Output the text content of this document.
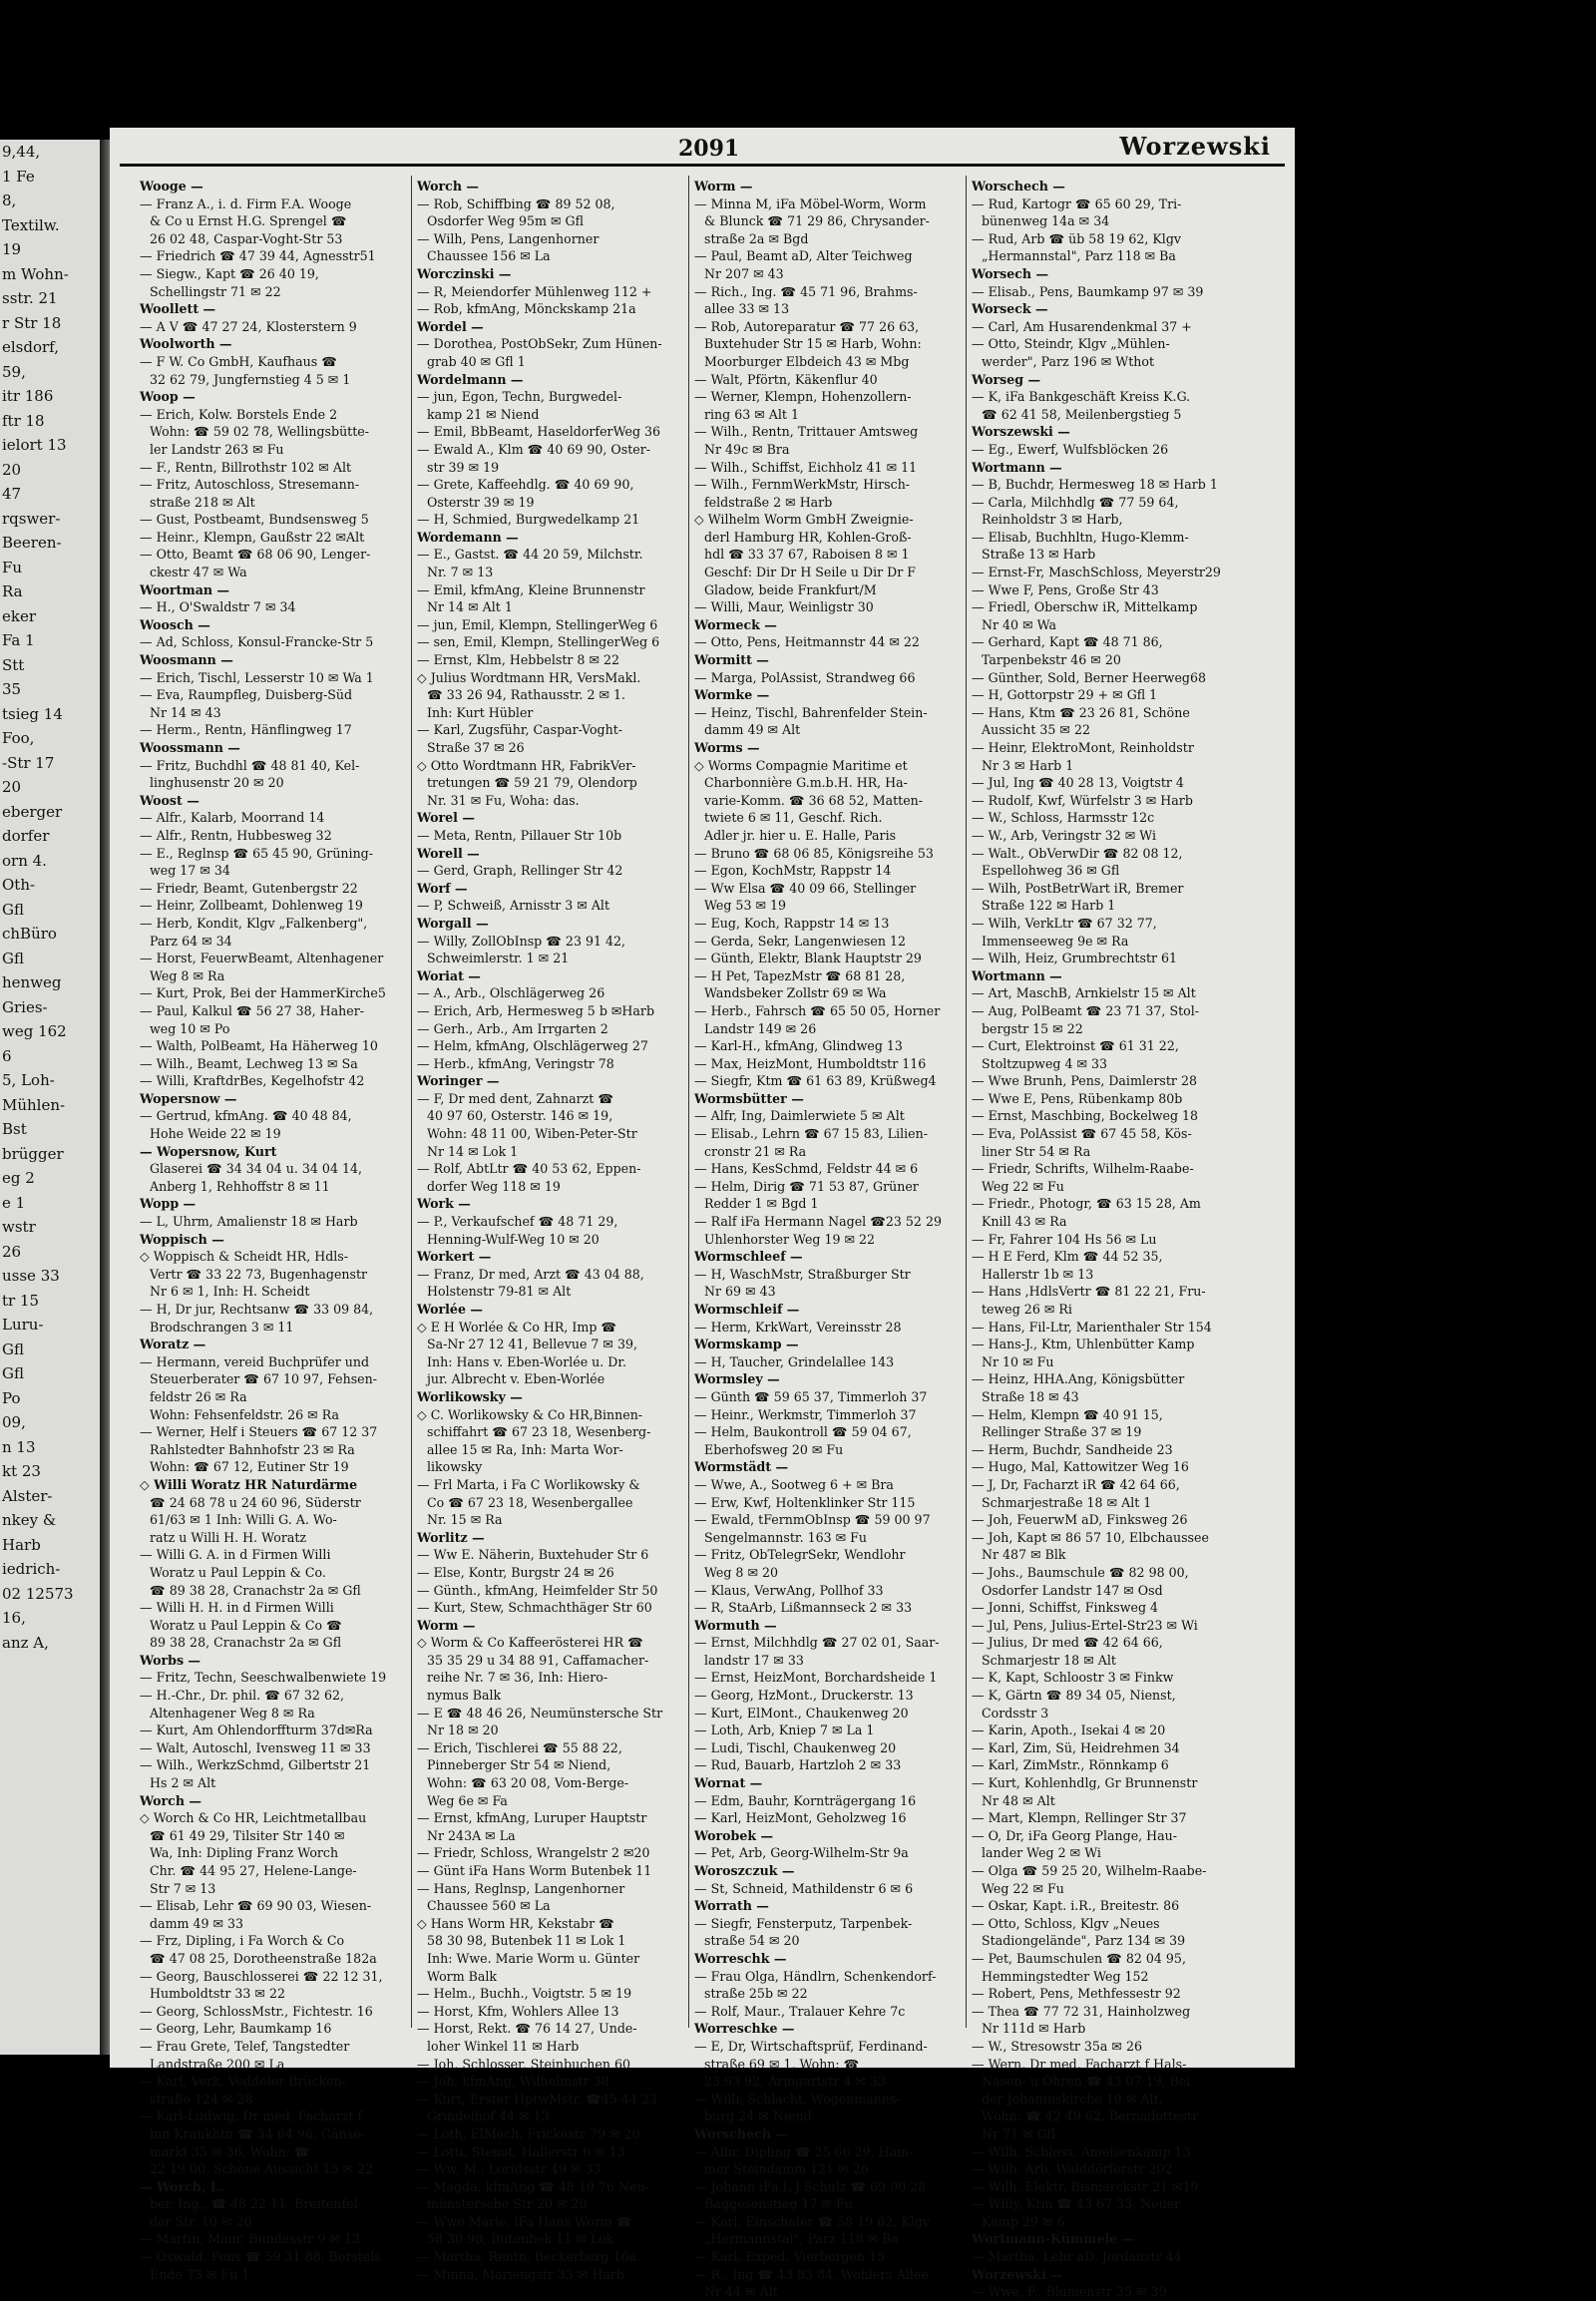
9,44,
1 Fe
8,
Textilw.
19
m Wohn-
sstr. 21
r Str 18
elsdorf,
59,
itr 186
ftr 18
ielort 13
20
47
rqswer-
Beeren-
Fu
Ra
eker
Fa 1
Stt
35
tsieg 14
Foo,
-Str 17
20
eberger
dorfer
orn 4.
Oth-
Gfl
chBüro
Gfl
henweg
Gries-
weg 162
6
5, Loh-
Mühlen-
Bst
brügger
eg 2
e 1
wstr
26
usse 33
tr 15
Luru-
Gfl
Gfl
Po
09,
n 13
kt 23
Alster-
nkey &
Harb
iedrich-
02 12573
16,
anz A,
2091	Worzewski
Wooge —
— Franz A., i. d. Firm F.A. Wooge
& Co u Ernst H.G. Sprengel ☎
26 02 48, Caspar-Voght-Str 53
— Friedrich ☎ 47 39 44, Agnesstr51
— Siegw., Kapt ☎ 26 40 19,
Schellingstr 71 ✉ 22
Woollett —
— A V ☎ 47 27 24, Klosterstern 9
Woolworth —
— F W. Co GmbH, Kaufhaus ☎
32 62 79, Jungfernstieg 4 5 ✉ 1
Woop —
— Erich, Kolw. Borstels Ende 2
Wohn: ☎ 59 02 78, Wellingsbütte-
ler Landstr 263 ✉ Fu
— F., Rentn, Billrothstr 102 ✉ Alt
— Fritz, Autoschloss, Stresemann-
straße 218 ✉ Alt
— Gust, Postbeamt, Bundsensweg 5
— Heinr., Klempn, Gaußstr 22 ✉Alt
— Otto, Beamt ☎ 68 06 90, Lenger-
ckestr 47 ✉ Wa
Woortman —
— H., O'Swaldstr 7 ✉ 34
Woosch —
— Ad, Schloss, Konsul-Francke-Str 5
Woosmann —
— Erich, Tischl, Lesserstr 10 ✉ Wa 1
— Eva, Raumpfleg, Duisberg-Süd
Nr 14 ✉ 43
— Herm., Rentn, Hänflingweg 17
Woossmann —
— Fritz, Buchdhl ☎ 48 81 40, Kel-
linghusenstr 20 ✉ 20
Woost —
— Alfr., Kalarb, Moorrand 14
— Alfr., Rentn, Hubbesweg 32
— E., Reglnsp ☎ 65 45 90, Grüning-
weg 17 ✉ 34
— Friedr, Beamt, Gutenbergstr 22
— Heinr, Zollbeamt, Dohlenweg 19
— Herb, Kondit, Klgv „Falkenberg",
Parz 64 ✉ 34
— Horst, FeuerwBeamt, Altenhagener
Weg 8 ✉ Ra
— Kurt, Prok, Bei der HammerKirche5
— Paul, Kalkul ☎ 56 27 38, Haher-
weg 10 ✉ Po
— Walth, PolBeamt, Ha Häherweg 10
— Wilh., Beamt, Lechweg 13 ✉ Sa
— Willi, KraftdrBes, Kegelhofstr 42
Wopersnow —
— Gertrud, kfmAng. ☎ 40 48 84,
Hohe Weide 22 ✉ 19
— Wopersnow, Kurt
Glaserei ☎ 34 34 04 u. 34 04 14,
Anberg 1, Rehhoffstr 8 ✉ 11
Wopp —
— L, Uhrm, Amalienstr 18 ✉ Harb
Woppisch —
◇ Woppisch & Scheidt HR, Hdls-
Vertr ☎ 33 22 73, Bugenhagenstr
Nr 6 ✉ 1, Inh: H. Scheidt
— H, Dr jur, Rechtsanw ☎ 33 09 84,
Brodschrangen 3 ✉ 11
Woratz —
— Hermann, vereid Buchprüfer und
Steuerberater ☎ 67 10 97, Fehsen-
feldstr 26 ✉ Ra
Wohn: Fehsenfeldstr. 26 ✉ Ra
— Werner, Helf i Steuers ☎ 67 12 37
Rahlstedter Bahnhofstr 23 ✉ Ra
Wohn: ☎ 67 12, Eutiner Str 19
◇ Willi Woratz HR Naturdärme
☎ 24 68 78 u 24 60 96, Süderstr
61/63 ✉ 1 Inh: Willi G. A. Wo-
ratz u Willi H. H. Woratz
— Willi G. A. in d Firmen Willi
Woratz u Paul Leppin & Co.
☎ 89 38 28, Cranachstr 2a ✉ Gfl
— Willi H. H. in d Firmen Willi
Woratz u Paul Leppin & Co ☎
89 38 28, Cranachstr 2a ✉ Gfl
Worbs —
— Fritz, Techn, Seeschwalbenwiete 19
— H.-Chr., Dr. phil. ☎ 67 32 62,
Altenhagener Weg 8 ✉ Ra
— Kurt, Am Ohlendorffturm 37d✉Ra
— Walt, Autoschl, Ivensweg 11 ✉ 33
— Wilh., WerkzSchmd, Gilbertstr 21
Hs 2 ✉ Alt
Worch —
◇ Worch & Co HR, Leichtmetallbau
☎ 61 49 29, Tilsiter Str 140 ✉
Wa, Inh: Dipling Franz Worch
Chr. ☎ 44 95 27, Helene-Lange-
Str 7 ✉ 13
— Elisab, Lehr ☎ 69 90 03, Wiesen-
damm 49 ✉ 33
— Frz, Dipling, i Fa Worch & Co
☎ 47 08 25, Dorotheenstraße 182a
— Georg, Bauschlosserei ☎ 22 12 31,
Humboldtstr 33 ✉ 22
— Georg, SchlossMstr., Fichtestr. 16
— Georg, Lehr, Baumkamp 16
— Frau Grete, Telef, Tangstedter
Landstraße 200 ✉ La
— Karl, Verk, Veddeler Brücken-
straße 124 ✉ 28
— Karl-Ludwig, Dr med, Facharzt f
inn Krankhtn ☎ 34 64 96, Gänse-
markt 35 ✉ 36, Wohn: ☎
22 19 00, Schöne Aussicht 15 ✉ 22
— Worch, L.
ber. Ing., ☎ 48 22 11, Breitenfel-
der Str. 10 ✉ 20
— Martin, Maur, Bundesstr 9 ✉ 13
— Oswald, Pens ☎ 59 31 88, Borstels
Ende 73 ✉ Fu 1
Worch —
— Rob, Schiffbing ☎ 89 52 08,
Osdorfer Weg 95m ✉ Gfl
— Wilh, Pens, Langenhorner
Chaussee 156 ✉ La
Worczinski —
— R, Meiendorfer Mühlenweg 112 +
— Rob, kfmAng, Mönckskamp 21a
Wordel —
— Dorothea, PostObSekr, Zum Hünen-
grab 40 ✉ Gfl 1
Wordelmann —
— jun, Egon, Techn, Burgwedel-
kamp 21 ✉ Niend
— Emil, BbBeamt, HaseldorferWeg 36
— Ewald A., Klm ☎ 40 69 90, Oster-
str 39 ✉ 19
— Grete, Kaffeehdlg. ☎ 40 69 90,
Osterstr 39 ✉ 19
— H, Schmied, Burgwedelkamp 21
Wordemann —
— E., Gastst. ☎ 44 20 59, Milchstr.
Nr. 7 ✉ 13
— Emil, kfmAng, Kleine Brunnenstr
Nr 14 ✉ Alt 1
— jun, Emil, Klempn, StellingerWeg 6
— sen, Emil, Klempn, StellingerWeg 6
— Ernst, Klm, Hebbelstr 8 ✉ 22
◇ Julius Wordtmann HR, VersMakl.
☎ 33 26 94, Rathausstr. 2 ✉ 1.
Inh: Kurt Hübler
— Karl, Zugsführ, Caspar-Voght-
Straße 37 ✉ 26
◇ Otto Wordtmann HR, FabrikVer-
tretungen ☎ 59 21 79, Olendorp
Nr. 31 ✉ Fu, Woha: das.
Worel —
— Meta, Rentn, Pillauer Str 10b
Worell —
— Gerd, Graph, Rellinger Str 42
Worf —
— P, Schweiß, Arnisstr 3 ✉ Alt
Worgall —
— Willy, ZollObInsp ☎ 23 91 42,
Schweimlerstr. 1 ✉ 21
Woriat —
— A., Arb., Olschlägerweg 26
— Erich, Arb, Hermesweg 5 b ✉Harb
— Gerh., Arb., Am Irrgarten 2
— Helm, kfmAng, Olschlägerweg 27
— Herb., kfmAng, Veringstr 78
Woringer —
— F, Dr med dent, Zahnarzt ☎
40 97 60, Osterstr. 146 ✉ 19,
Wohn: 48 11 00, Wiben-Peter-Str
Nr 14 ✉ Lok 1
— Rolf, AbtLtr ☎ 40 53 62, Eppen-
dorfer Weg 118 ✉ 19
Work —
— P., Verkaufschef ☎ 48 71 29,
Henning-Wulf-Weg 10 ✉ 20
Workert —
— Franz, Dr med, Arzt ☎ 43 04 88,
Holstenstr 79-81 ✉ Alt
Worlée —
◇ E H Worlée & Co HR, Imp ☎
Sa-Nr 27 12 41, Bellevue 7 ✉ 39,
Inh: Hans v. Eben-Worlée u. Dr.
jur. Albrecht v. Eben-Worlée
Worlikowsky —
◇ C. Worlikowsky & Co HR,Binnen-
schiffahrt ☎ 67 23 18, Wesenberg-
allee 15 ✉ Ra, Inh: Marta Wor-
likowsky
— Frl Marta, i Fa C Worlikowsky &
Co ☎ 67 23 18, Wesenbergallee
Nr. 15 ✉ Ra
Worlitz —
— Ww E. Näherin, Buxtehuder Str 6
— Else, Kontr, Burgstr 24 ✉ 26
— Günth., kfmAng, Heimfelder Str 50
— Kurt, Stew, Schmachthäger Str 60
Worm —
◇ Worm & Co Kaffeerösterei HR ☎
35 35 29 u 34 88 91, Caffamacher-
reihe Nr. 7 ✉ 36, Inh: Hiero-
nymus Balk
— E ☎ 48 46 26, Neumünstersche Str
Nr 18 ✉ 20
— Erich, Tischlerei ☎ 55 88 22,
Pinneberger Str 54 ✉ Niend,
Wohn: ☎ 63 20 08, Vom-Berge-
Weg 6e ✉ Fa
— Ernst, kfmAng, Luruper Hauptstr
Nr 243A ✉ La
— Friedr, Schloss, Wrangelstr 2 ✉20
— Günt iFa Hans Worm Butenbek 11
— Hans, Reglnsp, Langenhorner
Chaussee 560 ✉ La
◇ Hans Worm HR, Kekstabr ☎
58 30 98, Butenbek 11 ✉ Lok 1
Inh: Wwe. Marie Worm u. Günter
Worm Balk
— Helm., Buchh., Voigtstr. 5 ✉ 19
— Horst, Kfm, Wohlers Allee 13
— Horst, Rekt. ☎ 76 14 27, Unde-
loher Winkel 11 ✉ Harb
— Joh, Schlosser, Steinbuchen 60
— Joh, kfmAng, Wilhelmstr 38
— Kurt, Erster HptwMstr, ☎45 44 23
Grindelhof 44 ✉ 13
— Loth, ElMech, Frickestr 79 ✉ 20
— Lotti, Stenot, Hallerstr 6 ✉ 13
— Ww, M., Loridsstr 49 ✉ 33
— Magda, kfmAng ☎ 48 19 76 Neu-
münstersche Str 20 ✉ 20
— Wwe Marie, iFa Hans Worm ☎
58 30 98, Butenbek 11 ✉ Lok
— Martha, Rentn, Beckerberg 16a
— Minna, Mariengstr 33 ✉ Harb
Worm —
— Minna M, iFa Möbel-Worm, Worm
& Blunck ☎ 71 29 86, Chrysander-
straße 2a ✉ Bgd
— Paul, Beamt aD, Alter Teichweg
Nr 207 ✉ 43
— Rich., Ing. ☎ 45 71 96, Brahms-
allee 33 ✉ 13
— Rob, Autoreparatur ☎ 77 26 63,
Buxtehuder Str 15 ✉ Harb, Wohn:
Moorburger Elbdeich 43 ✉ Mbg
— Walt, Pförtn, Käkenflur 40
— Werner, Klempn, Hohenzollern-
ring 63 ✉ Alt 1
— Wilh., Rentn, Trittauer Amtsweg
Nr 49c ✉ Bra
— Wilh., Schiffst, Eichholz 41 ✉ 11
— Wilh., FernmWerkMstr, Hirsch-
feldstraße 2 ✉ Harb
◇ Wilhelm Worm GmbH Zweignie-
derl Hamburg HR, Kohlen-Groß-
hdl ☎ 33 37 67, Raboisen 8 ✉ 1
Geschf: Dir Dr H Seile u Dir Dr F
Gladow, beide Frankfurt/M
— Willi, Maur, Weinligstr 30
Wormeck —
— Otto, Pens, Heitmannstr 44 ✉ 22
Wormitt —
— Marga, PolAssist, Strandweg 66
Wormke —
— Heinz, Tischl, Bahrenfelder Stein-
damm 49 ✉ Alt
Worms —
◇ Worms Compagnie Maritime et
Charbonnière G.m.b.H. HR, Ha-
varie-Komm. ☎ 36 68 52, Matten-
twiete 6 ✉ 11, Geschf. Rich.
Adler jr. hier u. E. Halle, Paris
— Bruno ☎ 68 06 85, Königsreihe 53
— Egon, KochMstr, Rappstr 14
— Ww Elsa ☎ 40 09 66, Stellinger
Weg 53 ✉ 19
— Eug, Koch, Rappstr 14 ✉ 13
— Gerda, Sekr, Langenwiesen 12
— Günth, Elektr, Blank Hauptstr 29
— H Pet, TapezMstr ☎ 68 81 28,
Wandsbeker Zollstr 69 ✉ Wa
— Herb., Fahrsch ☎ 65 50 05, Horner
Landstr 149 ✉ 26
— Karl-H., kfmAng, Glindweg 13
— Max, HeizMont, Humboldtstr 116
— Siegfr, Ktm ☎ 61 63 89, Krüßweg4
Wormsbütter —
— Alfr, Ing, Daimlerwiete 5 ✉ Alt
— Elisab., Lehrn ☎ 67 15 83, Lilien-
cronstr 21 ✉ Ra
— Hans, KesSchmd, Feldstr 44 ✉ 6
— Helm, Dirig ☎ 71 53 87, Grüner
Redder 1 ✉ Bgd 1
— Ralf iFa Hermann Nagel ☎23 52 29
Uhlenhorster Weg 19 ✉ 22
Wormschleef —
— H, WaschMstr, Straßburger Str
Nr 69 ✉ 43
Wormschleif —
— Herm, KrkWart, Vereinsstr 28
Wormskamp —
— H, Taucher, Grindelallee 143
Wormsley —
— Günth ☎ 59 65 37, Timmerloh 37
— Heinr., Werkmstr, Timmerloh 37
— Helm, Baukontroll ☎ 59 04 67,
Eberhofsweg 20 ✉ Fu
Wormstädt —
— Wwe, A., Sootweg 6 + ✉ Bra
— Erw, Kwf, Holtenklinker Str 115
— Ewald, tFernmObInsp ☎ 59 00 97
Sengelmannstr. 163 ✉ Fu
— Fritz, ObTelegrSekr, Wendlohr
Weg 8 ✉ 20
— Klaus, VerwAng, Pollhof 33
— R, StaArb, Lißmannseck 2 ✉ 33
Wormuth —
— Ernst, Milchhdlg ☎ 27 02 01, Saar-
landstr 17 ✉ 33
— Ernst, HeizMont, Borchardsheide 1
— Georg, HzMont., Druckerstr. 13
— Kurt, ElMont., Chaukenweg 20
— Loth, Arb, Kniep 7 ✉ La 1
— Ludi, Tischl, Chaukenweg 20
— Rud, Bauarb, Hartzloh 2 ✉ 33
Wornat —
— Edm, Bauhr, Kornträgergang 16
— Karl, HeizMont, Geholzweg 16
Worobek —
— Pet, Arb, Georg-Wilhelm-Str 9a
Woroszczuk —
— St, Schneid, Mathildenstr 6 ✉ 6
Worrath —
— Siegfr, Fensterputz, Tarpenbek-
straße 54 ✉ 20
Worreschk —
— Frau Olga, Händlrn, Schenkendorf-
straße 25b ✉ 22
— Rolf, Maur., Tralauer Kehre 7c
Worreschke —
— E, Dr, Wirtschaftsprüf, Ferdinand-
straße 69 ✉ 1, Wohn: ☎
23 93 92, Armgartstr 4 ✉ 33
— Willi, Schlacht, Wogenmanns-
burg 24 ✉ Niend
Worschech —
— Albr, Dipling ☎ 25 66 29, Ham-
mer Steindamm 121 ✉ 26
— Johann iFa L J Schulz ☎ 69 90 28
Baggesenstieg 17 ✉ Fu
— Karl, Einschaler ☎ 58 19 62, Klgv
„Hermannstal", Parz 118 ✉ Ba
— Karl, Exped, Vierbergen 15
— R., Ing ☎ 43 83 84, Wohlers Allee
Nr 44 ✉ Alt
Worschech —
— Rud, Kartogr ☎ 65 60 29, Tri-
bünenweg 14a ✉ 34
— Rud, Arb ☎ üb 58 19 62, Klgv
„Hermannstal", Parz 118 ✉ Ba
Worsech —
— Elisab., Pens, Baumkamp 97 ✉ 39
Worseck —
— Carl, Am Husarendenkmal 37 +
— Otto, Steindr, Klgv „Mühlen-
werder", Parz 196 ✉ Wthot
Worseg —
— K, iFa Bankgeschäft Kreiss K.G.
☎ 62 41 58, Meilenbergstieg 5
Worszewski —
— Eg., Ewerf, Wulfsblöcken 26
Wortmann —
— B, Buchdr, Hermesweg 18 ✉ Harb 1
— Carla, Milchhdlg ☎ 77 59 64,
Reinholdstr 3 ✉ Harb,
— Elisab, Buchhltn, Hugo-Klemm-
Straße 13 ✉ Harb
— Ernst-Fr, MaschSchloss, Meyerstr29
— Wwe F, Pens, Große Str 43
— Friedl, Oberschw iR, Mittelkamp
Nr 40 ✉ Wa
— Gerhard, Kapt ☎ 48 71 86,
Tarpenbekstr 46 ✉ 20
— Günther, Sold, Berner Heerweg68
— H, Gottorpstr 29 + ✉ Gfl 1
— Hans, Ktm ☎ 23 26 81, Schöne
Aussicht 35 ✉ 22
— Heinr, ElektroMont, Reinholdstr
Nr 3 ✉ Harb 1
— Jul, Ing ☎ 40 28 13, Voigtstr 4
— Rudolf, Kwf, Würfelstr 3 ✉ Harb
— W., Schloss, Harmsstr 12c
— W., Arb, Veringstr 32 ✉ Wi
— Walt., ObVerwDir ☎ 82 08 12,
Espellohweg 36 ✉ Gfl
— Wilh, PostBetrWart iR, Bremer
Straße 122 ✉ Harb 1
— Wilh, VerkLtr ☎ 67 32 77,
Immenseeweg 9e ✉ Ra
— Wilh, Heiz, Grumbrechtstr 61
Wortmann —
— Art, MaschB, Arnkielstr 15 ✉ Alt
— Aug, PolBeamt ☎ 23 71 37, Stol-
bergstr 15 ✉ 22
— Curt, Elektroinst ☎ 61 31 22,
Stoltzupweg 4 ✉ 33
— Wwe Brunh, Pens, Daimlerstr 28
— Wwe E, Pens, Rübenkamp 80b
— Ernst, Maschbing, Bockelweg 18
— Eva, PolAssist ☎ 67 45 58, Kös-
liner Str 54 ✉ Ra
— Friedr, Schrifts, Wilhelm-Raabe-
Weg 22 ✉ Fu
— Friedr., Photogr, ☎ 63 15 28, Am
Knill 43 ✉ Ra
— Fr, Fahrer 104 Hs 56 ✉ Lu
— H E Ferd, Klm ☎ 44 52 35,
Hallerstr 1b ✉ 13
— Hans ,HdlsVertr ☎ 81 22 21, Fru-
teweg 26 ✉ Ri
— Hans, Fil-Ltr, Marienthaler Str 154
— Hans-J., Ktm, Uhlenbütter Kamp
Nr 10 ✉ Fu
— Heinz, HHA.Ang, Königsbütter
Straße 18 ✉ 43
— Helm, Klempn ☎ 40 91 15,
Rellinger Straße 37 ✉ 19
— Herm, Buchdr, Sandheide 23
— Hugo, Mal, Kattowitzer Weg 16
— J, Dr, Facharzt iR ☎ 42 64 66,
Schmarjestraße 18 ✉ Alt 1
— Joh, FeuerwM aD, Finksweg 26
— Joh, Kapt ✉ 86 57 10, Elbchaussee
Nr 487 ✉ Blk
— Johs., Baumschule ☎ 82 98 00,
Osdorfer Landstr 147 ✉ Osd
— Jonni, Schiffst, Finksweg 4
— Jul, Pens, Julius-Ertel-Str23 ✉ Wi
— Julius, Dr med ☎ 42 64 66,
Schmarjestr 18 ✉ Alt
— K, Kapt, Schloostr 3 ✉ Finkw
— K, Gärtn ☎ 89 34 05, Nienst,
Cordsstr 3
— Karin, Apoth., Isekai 4 ✉ 20
— Karl, Zim, Sü, Heidrehmen 34
— Karl, ZimMstr., Rönnkamp 6
— Kurt, Kohlenhdlg, Gr Brunnenstr
Nr 48 ✉ Alt
— Mart, Klempn, Rellinger Str 37
— O, Dr, iFa Georg Plange, Hau-
lander Weg 2 ✉ Wi
— Olga ☎ 59 25 20, Wilhelm-Raabe-
Weg 22 ✉ Fu
— Oskar, Kapt. i.R., Breitestr. 86
— Otto, Schloss, Klgv „Neues
Stadiongelände", Parz 134 ✉ 39
— Pet, Baumschulen ☎ 82 04 95,
Hemmingstedter Weg 152
— Robert, Pens, Methfessestr 92
— Thea ☎ 77 72 31, Hainholzweg
Nr 111d ✉ Harb
— W., Stresowstr 35a ✉ 26
— Wern, Dr med, Facharzt f Hals-
Nasen- u Ohren ☎ 43 07 19, Bei
der Johanniskirche 19 ✉ Alt.
Wohn: ☎ 42 49 62, Bernadottestr
Nr 71 ✉ Gfl
— Wilh, Schloss, Ameisenkamp 13
— Wilh, Arb, Walddörferstr 202
— Wilh, Elektr, Bismarckstr 21 ✉19
— Willy, Ktm ☎ 43 67 33, Neuer
Kamp 29 ✉ 6
Wortmann-Kümmele —
— Martha, Lehr aD, Jordanstr 44
Worzewski —
— Wwe, F., Blumenstr 35 ✉ 39
